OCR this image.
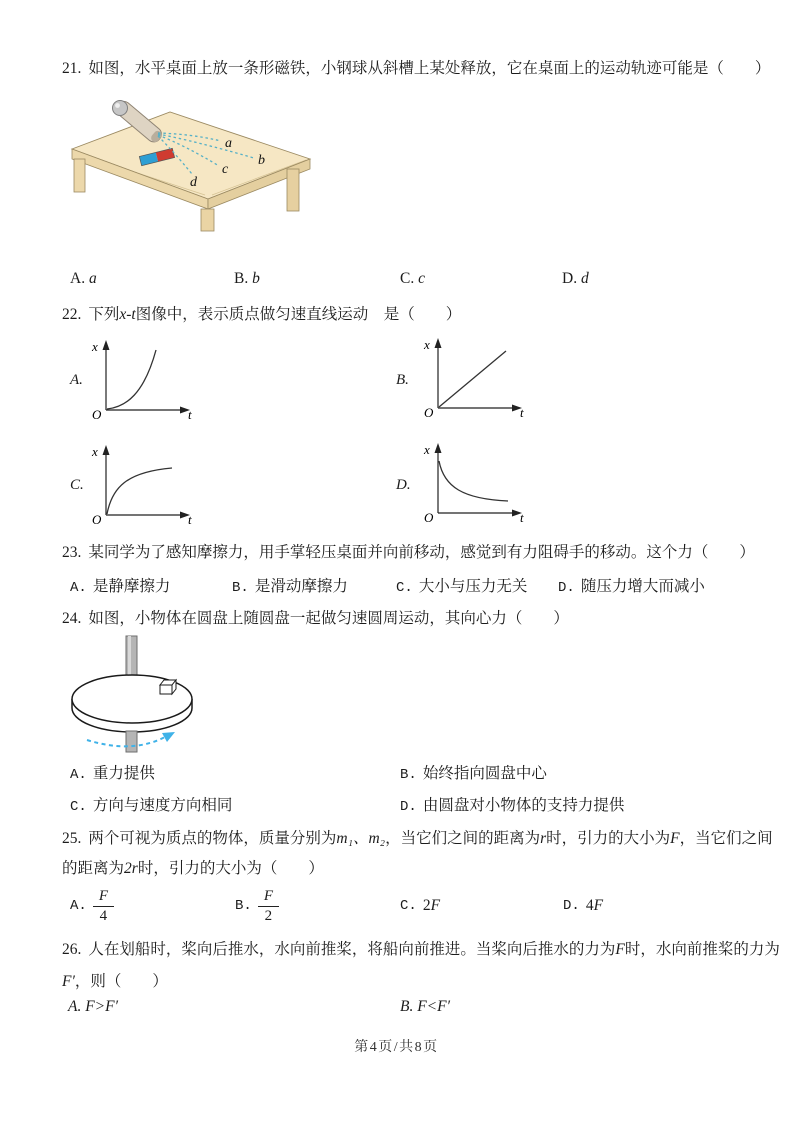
21. 如图，水平桌面上放一条形磁铁，小钢球从斜槽上某处释放，它在桌面上的运动轨迹可能是（　　）
a
b
c
d
A. a	B. b	C. c	D. d
22. 下列x-t图像中，表示质点做匀速直线运动　是（　　）
A.
x
t
O
B.
x
t
O
C.
x
t
O
D.
x
t
O
23. 某同学为了感知摩擦力，用手掌轻压桌面并向前移动，感觉到有力阻碍手的移动。这个力（　　）
A. 是静摩擦力	B. 是滑动摩擦力	C. 大小与压力无关 D. 随压力增大而减小
24. 如图，小物体在圆盘上随圆盘一起做匀速圆周运动，其向心力（　　）
A. 重力提供	B. 始终指向圆盘中心
C. 方向与速度方向相同	D. 由圆盘对小物体的支持力提供
25. 两个可视为质点的物体，质量分别为m₁、m₂，当它们之间的距离为r时，引力的大小为F，当它们之间
的距离为2r时，引力的大小为（　　）
A. $\frac{F}{4}$	B. $\frac{F}{2}$	C. 2 F	D. 4 F
26. 人在划船时，桨向后推水，水向前推桨，将船向前推进。当桨向后推水的力为F时，水向前推桨的力为
F′，则（　　）
A. F>F′	B. F<F′
第4页/共8页
